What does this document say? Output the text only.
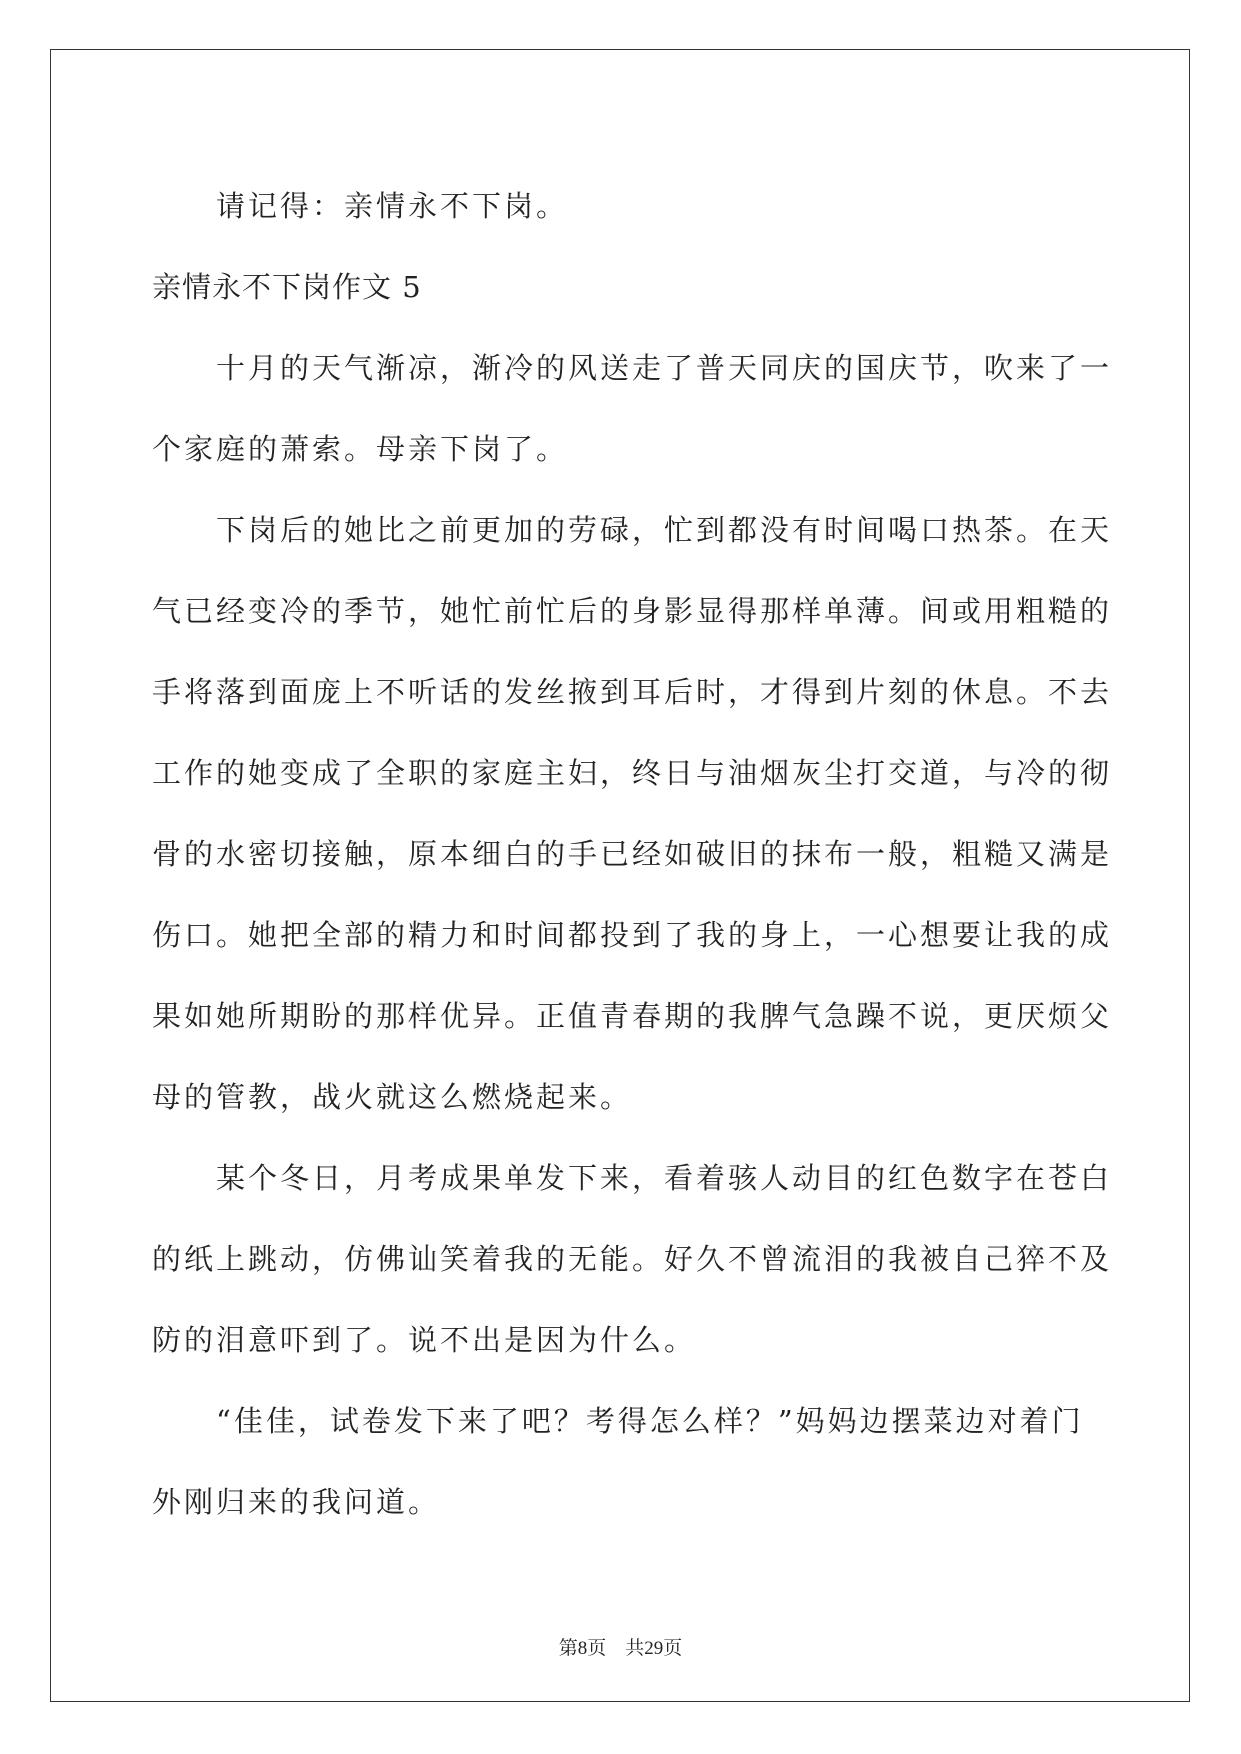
请记得：亲情永不下岗。
亲情永不下岗作文 5
十月的天气渐凉，渐冷的风送走了普天同庆的国庆节，吹来了一
个家庭的萧索。母亲下岗了。
下岗后的她比之前更加的劳碌，忙到都没有时间喝口热茶。在天
气已经变冷的季节，她忙前忙后的身影显得那样单薄。间或用粗糙的
手将落到面庞上不听话的发丝掖到耳后时，才得到片刻的休息。不去
工作的她变成了全职的家庭主妇，终日与油烟灰尘打交道，与冷的彻
骨的水密切接触，原本细白的手已经如破旧的抹布一般，粗糙又满是
伤口。她把全部的精力和时间都投到了我的身上，一心想要让我的成
果如她所期盼的那样优异。正值青春期的我脾气急躁不说，更厌烦父
母的管教，战火就这么燃烧起来。
某个冬日，月考成果单发下来，看着骇人动目的红色数字在苍白
的纸上跳动，仿佛讪笑着我的无能。好久不曾流泪的我被自己猝不及
防的泪意吓到了。说不出是因为什么。
“佳佳，试卷发下来了吧？考得怎么样？”妈妈边摆菜边对着门
外刚归来的我问道。
第8页 共29页
